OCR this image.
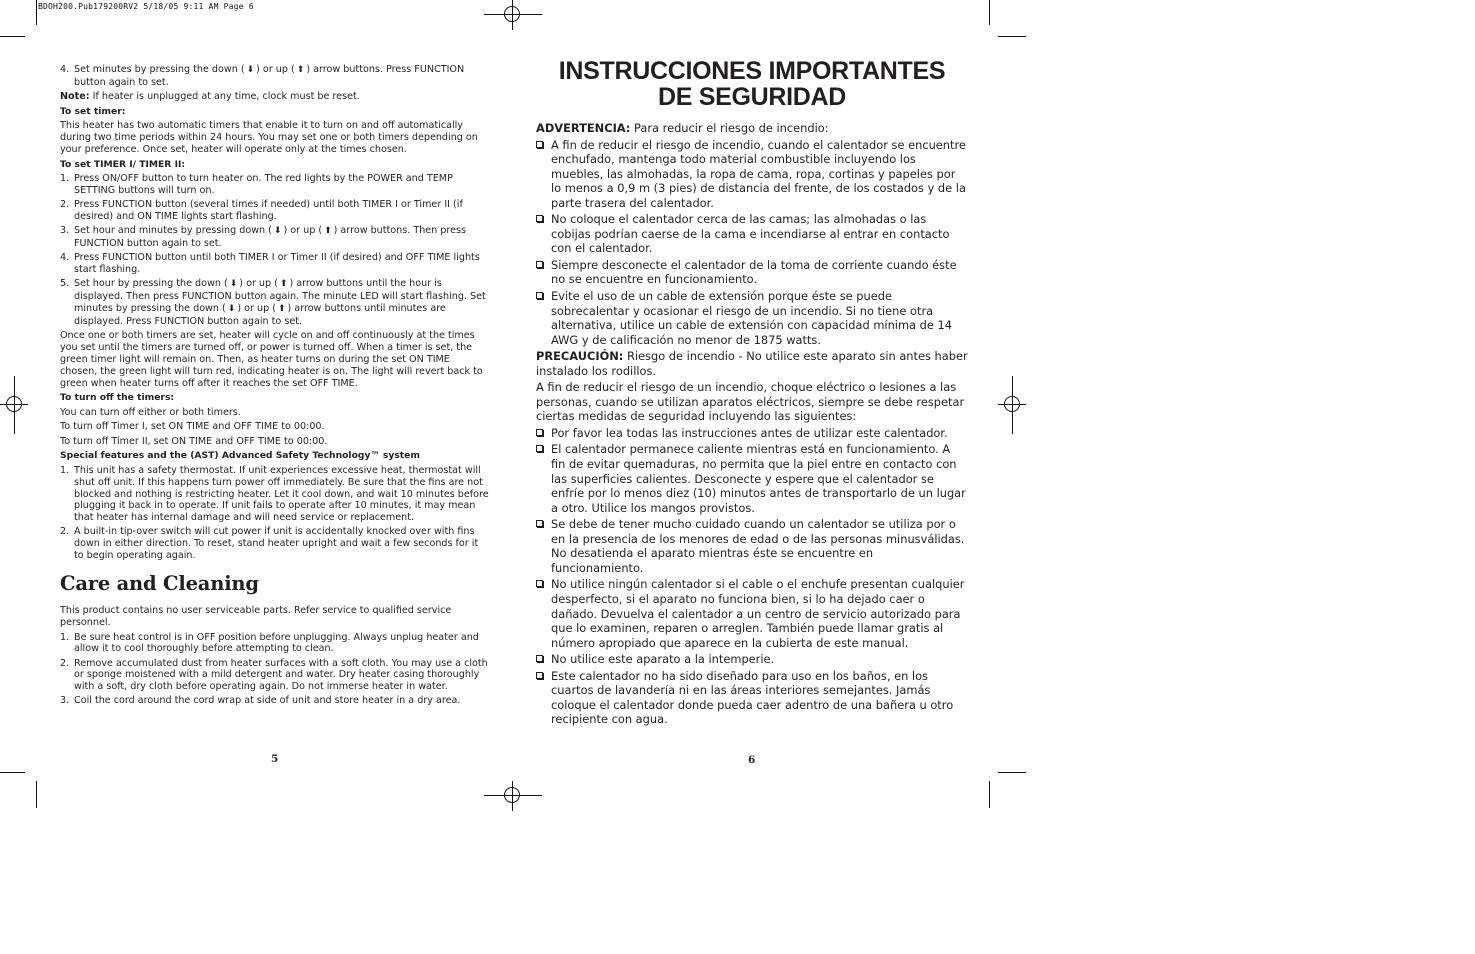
BDOH200.Pub179200RV2 5/18/05 9:11 AM Page 6
4. Set minutes by pressing the down ( ⬇ ) or up ( ⬆ ) arrow buttons. Press FUNCTION button again to set.

Note: If heater is unplugged at any time, clock must be reset.

To set timer:

This heater has two automatic timers that enable it to turn on and off automatically during two time periods within 24 hours. You may set one or both timers depending on your preference. Once set, heater will operate only at the times chosen.

To set TIMER I/ TIMER II:
1. Press ON/OFF button to turn heater on. The red lights by the POWER and TEMP SETTING buttons will turn on.
2. Press FUNCTION button (several times if needed) until both TIMER I or Timer II (if desired) and ON TIME lights start flashing.
3. Set hour and minutes by pressing down ( ⬇ ) or up ( ⬆ ) arrow buttons. Then press FUNCTION button again to set.
4. Press FUNCTION button until both TIMER I or Timer II (if desired) and OFF TIME lights start flashing.
5. Set hour by pressing the down ( ⬇ ) or up ( ⬆ ) arrow buttons until the hour is displayed. Then press FUNCTION button again. The minute LED will start flashing. Set minutes by pressing the down ( ⬇ ) or up ( ⬆ ) arrow buttons until minutes are displayed. Press FUNCTION button again to set.

Once one or both timers are set, heater will cycle on and off continuously at the times you set until the timers are turned off, or power is turned off. When a timer is set, the green timer light will remain on. Then, as heater turns on during the set ON TIME chosen, the green light will turn red, indicating heater is on. The light will revert back to green when heater turns off after it reaches the set OFF TIME.

To turn off the timers:

You can turn off either or both timers.

To turn off Timer I, set ON TIME and OFF TIME to 00:00.

To turn off Timer II, set ON TIME and OFF TIME to 00:00.

Special features and the (AST) Advanced Safety Technology™ system
1. This unit has a safety thermostat. If unit experiences excessive heat, thermostat will shut off unit. If this happens turn power off immediately. Be sure that the fins are not blocked and nothing is restricting heater. Let it cool down, and wait 10 minutes before plugging it back in to operate. If unit fails to operate after 10 minutes, it may mean that heater has internal damage and will need service or replacement.
2. A built-in tip-over switch will cut power if unit is accidentally knocked over with fins down in either direction. To reset, stand heater upright and wait a few seconds for it to begin operating again.
Care and Cleaning

This product contains no user serviceable parts. Refer service to qualified service personnel.

1. Be sure heat control is in OFF position before unplugging. Always unplug heater and allow it to cool thoroughly before attempting to clean.
2. Remove accumulated dust from heater surfaces with a soft cloth. You may use a cloth or sponge moistened with a mild detergent and water. Dry heater casing thoroughly with a soft, dry cloth before operating again. Do not immerse heater in water.
3. Coil the cord around the cord wrap at side of unit and store heater in a dry area.
5
INSTRUCCIONES IMPORTANTES
DE SEGURIDAD

ADVERTENCIA: Para reducir el riesgo de incendio:

A fin de reducir el riesgo de incendio, cuando el calentador se encuentre enchufado, mantenga todo material combustible incluyendo los muebles, las almohadas, la ropa de cama, ropa, cortinas y papeles por lo menos a 0,9 m (3 pies) de distancia del frente, de los costados y de la parte trasera del calentador.
No coloque el calentador cerca de las camas; las almohadas o las cobijas podrían caerse de la cama e incendiarse al entrar en contacto con el calentador.
Siempre desconecte el calentador de la toma de corriente cuando éste no se encuentre en funcionamiento.
Evite el uso de un cable de extensión porque éste se puede sobrecalentar y ocasionar el riesgo de un incendio. Si no tiene otra alternativa, utilice un cable de extensión con capacidad mínima de 14 AWG y de calificación no menor de 1875 watts.

PRECAUCIÓN: Riesgo de incendio - No utilice este aparato sin antes haber instalado los rodillos.

A fin de reducir el riesgo de un incendio, choque eléctrico o lesiones a las personas, cuando se utilizan aparatos eléctricos, siempre se debe respetar ciertas medidas de seguridad incluyendo las siguientes:

Por favor lea todas las instrucciones antes de utilizar este calentador.
El calentador permanece caliente mientras está en funcionamiento. A fin de evitar quemaduras, no permita que la piel entre en contacto con las superficies calientes. Desconecte y espere que el calentador se enfríe por lo menos diez (10) minutos antes de transportarlo de un lugar a otro. Utilice los mangos provistos.
Se debe de tener mucho cuidado cuando un calentador se utiliza por o en la presencia de los menores de edad o de las personas minusválidas. No desatienda el aparato mientras éste se encuentre en funcionamiento.
No utilice ningún calentador si el cable o el enchufe presentan cualquier desperfecto, si el aparato no funciona bien, si lo ha dejado caer o dañado. Devuelva el calentador a un centro de servicio autorizado para que lo examinen, reparen o arreglen. También puede llamar gratis al número apropiado que aparece en la cubierta de este manual.
No utilice este aparato a la intemperie.
Este calentador no ha sido diseñado para uso en los baños, en los cuartos de lavandería ni en las áreas interiores semejantes. Jamás coloque el calentador donde pueda caer adentro de una bañera u otro recipiente con agua.
6
